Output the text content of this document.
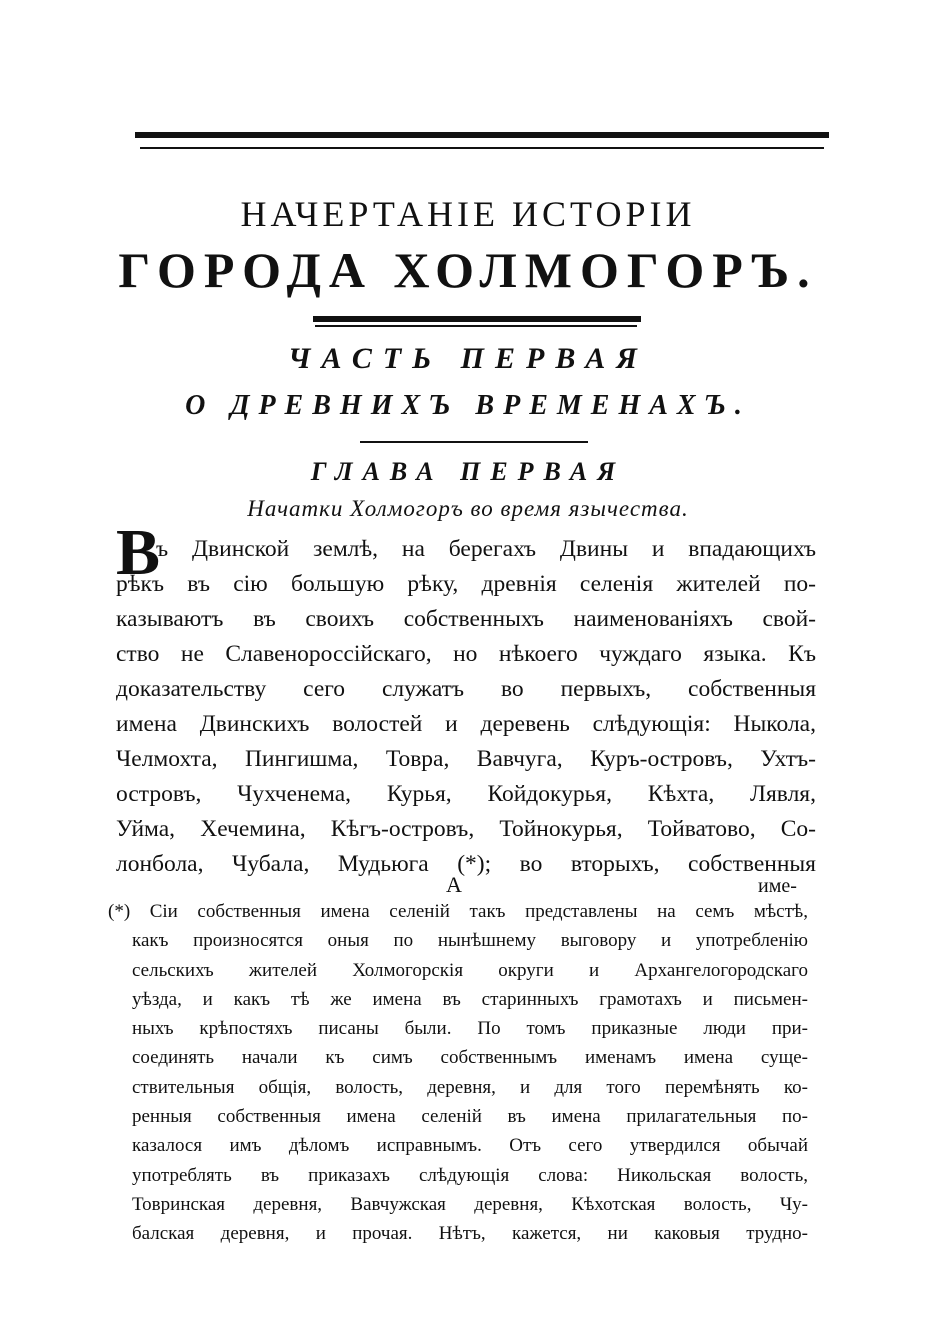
НАЧЕРТАНІЕ ИСТОРІИ
ГОРОДА ХОЛМОГОРЪ.
ЧАСТЬ ПЕРВАЯ
О ДРЕВНИХЪ ВРЕМЕНАХЪ.
ГЛАВА ПЕРВАЯ
Начатки Холмогоръ во время язычества.
В
ъ Двинской землѣ, на берегахъ Двины и впадающихъ
рѣкъ въ сію большую рѣку, древнія селенія жителей по-
казываютъ въ своихъ собственныхъ наименованіяхъ свой-
ство не Славенороссійскаго, но нѣкоего чуждаго языка. Къ
доказательству сего служатъ во первыхъ, собственныя
имена Двинскихъ волостей и деревень слѣдующія: Ныкола,
Челмохта, Пингишма, Товра, Вавчуга, Куръ-островъ, Ухтъ-
островъ, Чухченема, Курья, Койдокурья, Кѣхта, Лявля,
Уйма, Хечемина, Кѣгъ-островъ, Тойнокурья, Тойватово, Со-
лонбола, Чубала, Мудьюга (*); во вторыхъ, собственныя
A	име-
(*) Сіи собственныя имена селеній такъ представлены на семъ мѣстѣ,
какъ произносятся оныя по нынѣшнему выговору и употребленію
сельскихъ жителей Холмогорскія округи и Архангелогородскаго
уѣзда, и какъ тѣ же имена въ старинныхъ грамотахъ и письмен-
ныхъ крѣпостяхъ писаны были. По томъ приказные люди при-
соединять начали къ симъ собственнымъ именамъ имена суще-
ствительныя общія, волость, деревня, и для того перемѣнять ко-
ренныя собственныя имена селеній въ имена прилагательныя по-
казалося имъ дѣломъ исправнымъ. Отъ сего утвердился обычай
употреблять въ приказахъ слѣдующія слова: Никольская волость,
Товринская деревня, Вавчужская деревня, Кѣхотская волость, Чу-
балская деревня, и прочая. Нѣтъ, кажется, ни каковыя трудно-
